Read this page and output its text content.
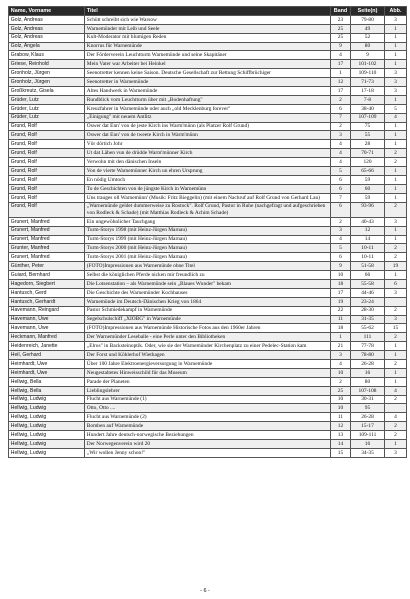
Name, Vorname	Titel	Band	Seite(n)	Abb.
Golz, Andreas	Schütt schreibt sich wie Warsow	23	79-80	3
Golz, Andreas	Warnemünder mit Leib und Seele	25	49	1
Golz, Andreas	Kult-Moderator mit blumigen Reden	25	52	1
Golz, Angela	Knorrus für Warnemünde	9	80	1
Grabow, Klaus	Der Förderverein Leuchtturm Warnemünde und seine Skapitäner	4	9	1
Griese, Reinhold	Mein Vater war Arbeiter bei Heinkel	17	101-102	1
Gronholz, Jürgen	Seenotretter kennen keine Saison. Deutsche Gesellschaft zur Rettung Schiffbrüchiger	1	109-110	3
Gronholz, Jürgen	Seenotretter in Warnemünde	12	71-73	3
Großkreutz, Gisela	Altes Handwerk in Warnemünde	17	17-18	3
Grüder, Lutz	Rundblick vom Leuchtturm über mit „Bodenhaftung"	2	7-8	1
Grüder, Lutz	Kreuzfahrer in Warnemünde oder auch „old Mecklenburg forever"	6	38-40	5
Grüder, Lutz	„Einigung" mit neuem Antlitz	7	107-109	4
Grund, Rolf	Oswer dat Enn' von de jeste Kirch ins Warm'münn (als Platzer Rolf Grund)	2	75	1
Grund, Rolf	Oswer dat Enn' von de tweete Kirch in Warm'münn	3	55	1
Grund, Rolf	Vör dörtich Johr	4	28	1
Grund, Rolf	Ut dat Läben vun de drüdde Warm'münner Kirch	4	70-71	2
Grund, Rolf	Verwohn mit den dänischen Inseln	4	120	2
Grund, Rolf	Von de vierte Warnemünner Kirch un ehren Ursprung	5	65-66	1
Grund, Rolf	En nödig Umtoch	6	59	1
Grund, Rolf	To de Geschichten von de jüngste Kirch in Warnemünn	6	60	1
Grund, Rolf	Uns trauges oll Warnemünn' (Musik: Fritz Bieggelin) (mit einem Nachruf auf Rolf Grund von Gerhard Lau)	7	59	1
Grund, Rolf	„Warnemünde geldet dummerweise zu Rostock". Rolf Grund, Pastor in Ruhe (nachgefragt und aufgeschrieben von Rodleck & Schade) (mit Matthias Rodleck & Achim Schade)	6	93-96	2
Grunert, Manfred	Ein ungewöhnlicher Tauchgang	2	40-43	3
Grunert, Manfred	Turm-Storys 1998 (mit Heinz-Jürgen Marnau)	3	12	1
Grunert, Manfred	Turm-Storys 1999 (mit Heinz-Jürgen Marnau)	4	14	1
Grunter, Manfred	Turm-Storys 2000 (mit Heinz-Jürgen Marnau)	5	10-11	2
Grunert, Manfred	Turm-Storys 2001 (mit Heinz-Jürgen Marnau)	6	10-11	2
Günther, Peter	(FOTO)Impressionen aus Warnemünde ohne Titel	9	51-58	19
Guiard, Bernhard	Selbst die königlichen Pferde nicken mir freundlich zu	10	66	1
Hagedorn, Siegbert	Die Lotsenstation – als Warnemünde sein „Blaues Wunder" bekam	18	55-58	6
Hantusch, Gerd	Die Geschichte des Warnemünder Kochhauses	17	44-46	3
Hantusch, Gerhardt	Warnemünde im Deutsch-Dänischen Krieg von 1864	19	23-24	
Havemann, Reingard	Pastor Schmiedekampf in Warnemünde	22	28-30	2
Havemann, Uwe	Segelschulschiff „XIOBG" in Warnemünde	11	31-35	3
Havemann, Uwe	(FOTO)Impressionen aus Warnemünde Historische Fotos aus den 1960er Jahren	18	55-62	15
Heckmann, Manfred	Der Warnemünder Leseballe - eine Perle unter den Bibliotheken	1	111	2
Heidenreich, Janette	„Elros" in Backsteinoptik. Oder, wie sie der Warnemünder Kirchenplatz zu einer Pedelec-Station kam	21	77-78	1
Heil, Gerhard	Der Forst und Köhlerhof Wiethagen	3	78-80	1
Heimhardt, Uwe	Über 100 Jahre Elektroenergieversorgung in Warnemünde	4	26-28	2
Heimhardt, Uwe	Neugestaltetes Hinweisschild für das Museum	10	16	1
Hellwig, Bella	Parade der Planeten	2	80	1
Hellwig, Bella	Lieblingslehrer	25	107-108	4
Hellwig, Ludwig	Flucht aus Warnemünde (1)	10	30-31	2
Hellwig, Ludwig	Otto, Otto ....	10	95	
Hellwig, Ludwig	Flucht aus Warnemünde (2)	11	26-28	4
Hellwig, Ludwig	Bomben auf Warnemünde	12	15-17	2
Hellwig, Ludwig	Hundert Jahre deutsch-norwegische Beziehungen	13	109-111	2
Hellwig, Ludwig	Der Norwegenverein wird 20	14	16	1
Hellwig, Ludwig	„Wir wollen Jenny schon!"	15	34-35	3
- 6 -
